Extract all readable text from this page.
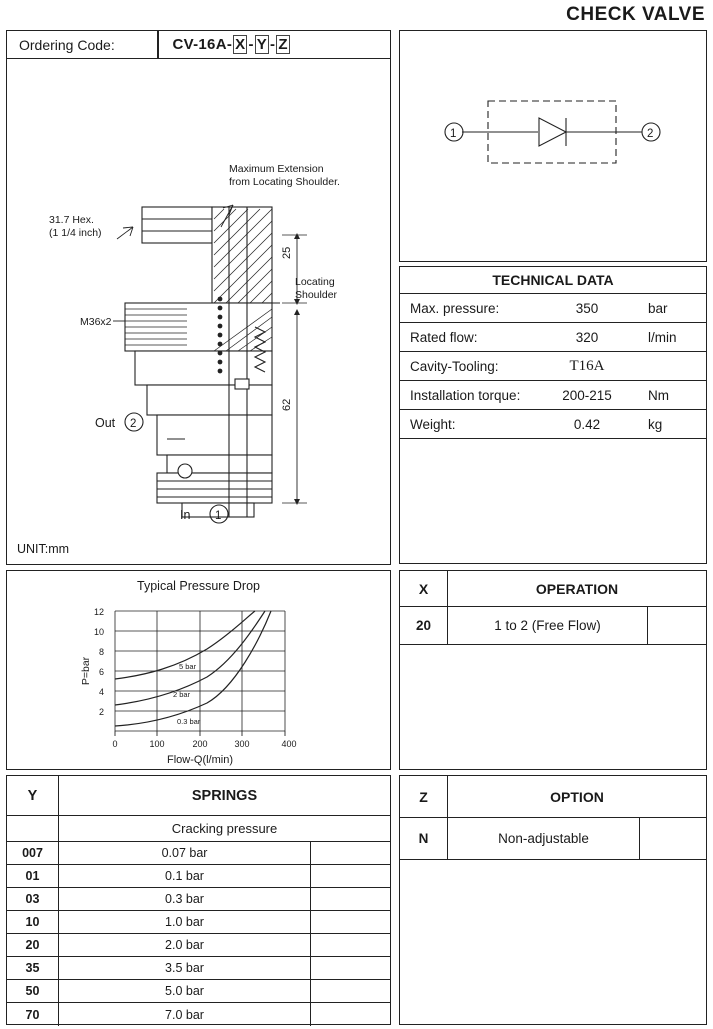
CHECK VALVE
Ordering Code:	CV-16A- X - Y - Z
Maximum Extension
from Locating Shoulder.
31.7 Hex.
(1 1/4 inch)
M36x2
Locating
Shoulder
25
62
Out 2
In 1
UNIT:mm
1	2
TECHNICAL DATA
Max. pressure:	350	bar
Rated flow:	320	l/min
Cavity-Tooling:	T16A
Installation torque:	200-215	Nm
Weight:	0.42	kg
Typical Pressure Drop
12
10
8
6
4
2
0	100	200	300	400
Flow-Q(l/min)
P=bar	5 bar
2 bar
0.3 bar
X	OPERATION
20	1 to 2 (Free Flow)
Y	SPRINGS
Cracking pressure
007	0.07 bar
01	0.1 bar
03	0.3 bar
10	1.0 bar
20	2.0 bar
35	3.5 bar
50	5.0 bar
70	7.0 bar
Z	OPTION
N	Non-adjustable
